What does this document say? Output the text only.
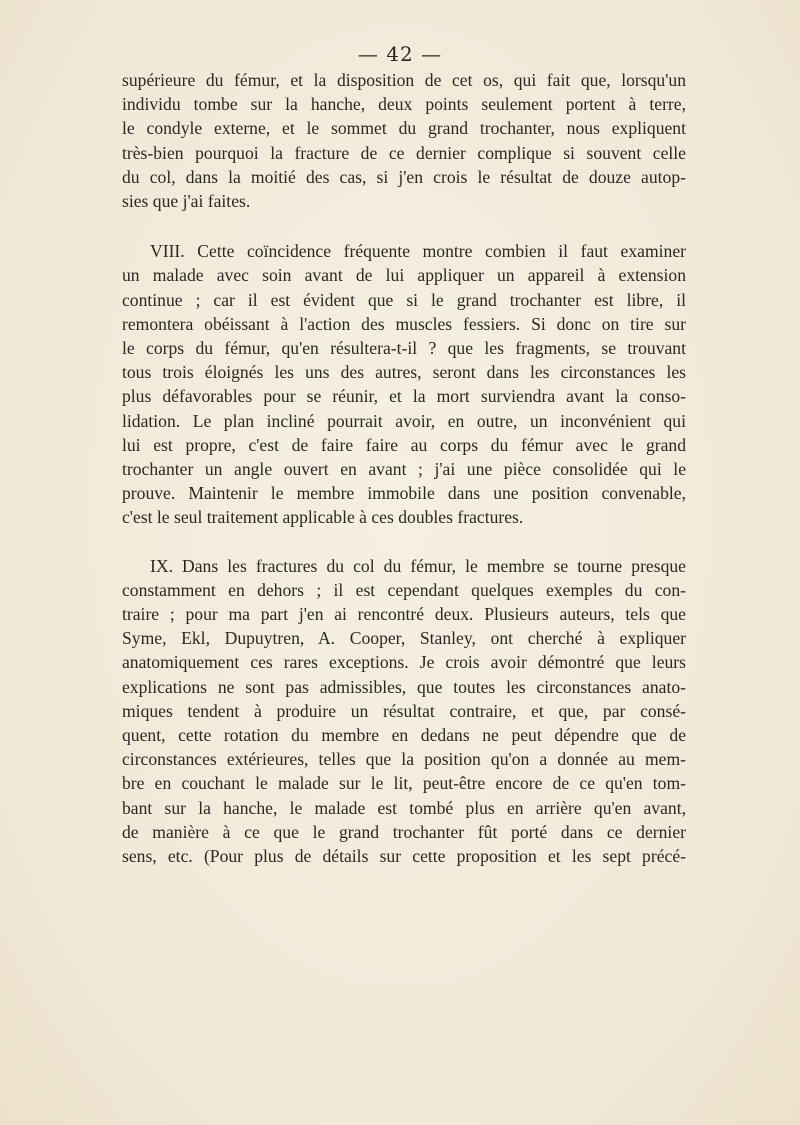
— 42 —
supérieure du fémur, et la disposition de cet os, qui fait que, lorsqu'un
individu tombe sur la hanche, deux points seulement portent à terre,
le condyle externe, et le sommet du grand trochanter, nous expliquent
très-bien pourquoi la fracture de ce dernier complique si souvent celle
du col, dans la moitié des cas, si j'en crois le résultat de douze autop-
sies que j'ai faites.
VIII. Cette coïncidence fréquente montre combien il faut examiner
un malade avec soin avant de lui appliquer un appareil à extension
continue ; car il est évident que si le grand trochanter est libre, il
remontera obéissant à l'action des muscles fessiers. Si donc on tire sur
le corps du fémur, qu'en résultera-t-il ? que les fragments, se trouvant
tous trois éloignés les uns des autres, seront dans les circonstances les
plus défavorables pour se réunir, et la mort surviendra avant la conso-
lidation. Le plan incliné pourrait avoir, en outre, un inconvénient qui
lui est propre, c'est de faire faire au corps du fémur avec le grand
trochanter un angle ouvert en avant ; j'ai une pièce consolidée qui le
prouve. Maintenir le membre immobile dans une position convenable,
c'est le seul traitement applicable à ces doubles fractures.
IX. Dans les fractures du col du fémur, le membre se tourne presque
constamment en dehors ; il est cependant quelques exemples du con-
traire ; pour ma part j'en ai rencontré deux. Plusieurs auteurs, tels que
Syme, Ekl, Dupuytren, A. Cooper, Stanley, ont cherché à expliquer
anatomiquement ces rares exceptions. Je crois avoir démontré que leurs
explications ne sont pas admissibles, que toutes les circonstances anato-
miques tendent à produire un résultat contraire, et que, par consé-
quent, cette rotation du membre en dedans ne peut dépendre que de
circonstances extérieures, telles que la position qu'on a donnée au mem-
bre en couchant le malade sur le lit, peut-être encore de ce qu'en tom-
bant sur la hanche, le malade est tombé plus en arrière qu'en avant,
de manière à ce que le grand trochanter fût porté dans ce dernier
sens, etc. (Pour plus de détails sur cette proposition et les sept précé-
